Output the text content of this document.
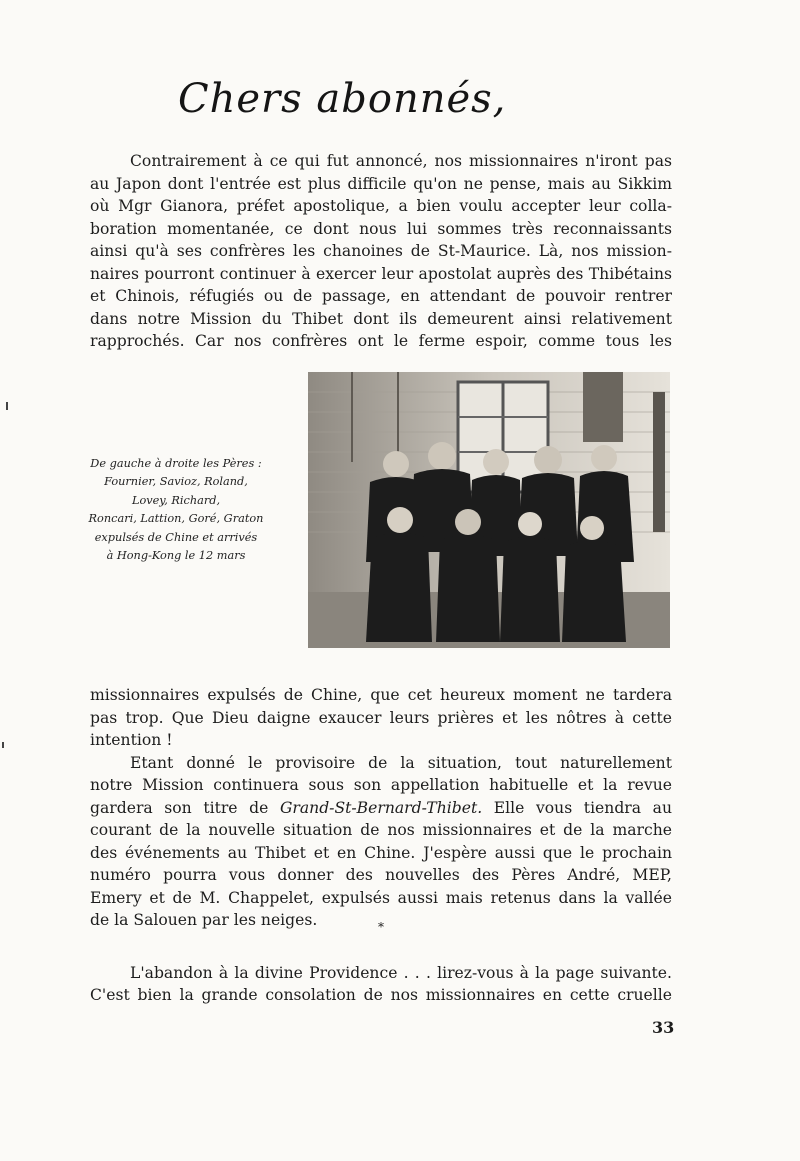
Chers abonnés,
Contrairement à ce qui fut annoncé, nos missionnaires n'iront pas
au Japon dont l'entrée est plus difficile qu'on ne pense, mais au Sikkim
où Mgr Gianora, préfet apostolique, a bien voulu accepter leur colla-
boration momentanée, ce dont nous lui sommes très reconnaissants
ainsi qu'à ses confrères les chanoines de St-Maurice. Là, nos mission-
naires pourront continuer à exercer leur apostolat auprès des Thibétains
et Chinois, réfugiés ou de passage, en attendant de pouvoir rentrer
dans notre Mission du Thibet dont ils demeurent ainsi relativement
rapprochés. Car nos confrères ont le ferme espoir, comme tous les
De gauche à droite les Pères :
Fournier, Savioz, Roland,
Lovey, Richard,
Roncari, Lattion, Goré, Graton
expulsés de Chine et arrivés
à Hong-Kong le 12 mars
missionnaires expulsés de Chine, que cet heureux moment ne tardera
pas trop. Que Dieu daigne exaucer leurs prières et les nôtres à cette
intention !
Etant donné le provisoire de la situation, tout naturellement
notre Mission continuera sous son appellation habituelle et la revue
gardera son titre de Grand-St-Bernard-Thibet. Elle vous tiendra au
courant de la nouvelle situation de nos missionnaires et de la marche
des événements au Thibet et en Chine. J'espère aussi que le prochain
numéro pourra vous donner des nouvelles des Pères André, MEP,
Emery et de M. Chappelet, expulsés aussi mais retenus dans la vallée
de la Salouen par les neiges.
L'abandon à la divine Providence . . . lirez-vous à la page suivante.
C'est bien la grande consolation de nos missionnaires en cette cruelle
*
33
